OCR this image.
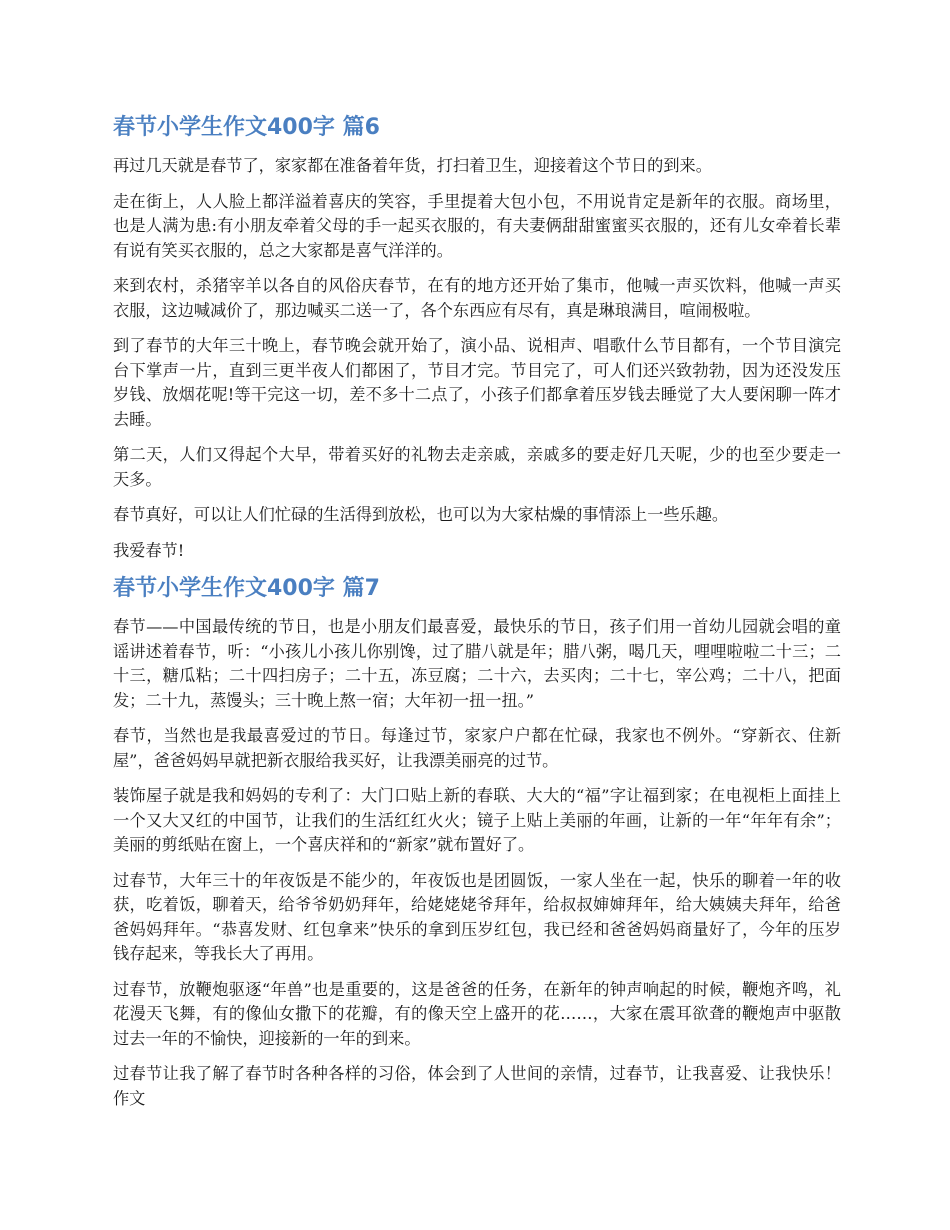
春节小学生作文400字 篇6

再过几天就是春节了，家家都在准备着年货，打扫着卫生，迎接着这个节日的到来。

走在街上，人人脸上都洋溢着喜庆的笑容，手里提着大包小包，不用说肯定是新年的衣服。商场里，也是人满为患:有小朋友牵着父母的手一起买衣服的，有夫妻俩甜甜蜜蜜买衣服的，还有儿女牵着长辈有说有笑买衣服的，总之大家都是喜气洋洋的。

来到农村，杀猪宰羊以各自的风俗庆春节，在有的地方还开始了集市，他喊一声买饮料，他喊一声买衣服，这边喊减价了，那边喊买二送一了，各个东西应有尽有，真是琳琅满目，喧闹极啦。

到了春节的大年三十晚上，春节晚会就开始了，演小品、说相声、唱歌什么节目都有，一个节目演完台下掌声一片，直到三更半夜人们都困了，节目才完。节目完了，可人们还兴致勃勃，因为还没发压岁钱、放烟花呢!等干完这一切，差不多十二点了，小孩子们都拿着压岁钱去睡觉了大人要闲聊一阵才去睡。

第二天，人们又得起个大早，带着买好的礼物去走亲戚，亲戚多的要走好几天呢，少的也至少要走一天多。

春节真好，可以让人们忙碌的生活得到放松，也可以为大家枯燥的事情添上一些乐趣。

我爱春节!

春节小学生作文400字 篇7

春节——中国最传统的节日，也是小朋友们最喜爱，最快乐的节日，孩子们用一首幼儿园就会唱的童谣讲述着春节，听：“小孩儿小孩儿你别馋，过了腊八就是年；腊八粥，喝几天，哩哩啦啦二十三；二十三，糖瓜粘；二十四扫房子；二十五，冻豆腐；二十六，去买肉；二十七，宰公鸡；二十八，把面发；二十九，蒸馒头；三十晚上熬一宿；大年初一扭一扭。”

春节，当然也是我最喜爱过的节日。每逢过节，家家户户都在忙碌，我家也不例外。“穿新衣、住新屋”，爸爸妈妈早就把新衣服给我买好，让我漂美丽亮的过节。

装饰屋子就是我和妈妈的专利了：大门口贴上新的春联、大大的“福”字让福到家；在电视柜上面挂上一个又大又红的中国节，让我们的生活红红火火；镜子上贴上美丽的年画，让新的一年“年年有余”；美丽的剪纸贴在窗上，一个喜庆祥和的“新家”就布置好了。

过春节，大年三十的年夜饭是不能少的，年夜饭也是团圆饭，一家人坐在一起，快乐的聊着一年的收获，吃着饭，聊着天，给爷爷奶奶拜年，给姥姥姥爷拜年，给叔叔婶婶拜年，给大姨姨夫拜年，给爸爸妈妈拜年。“恭喜发财、红包拿来”快乐的拿到压岁红包，我已经和爸爸妈妈商量好了，今年的压岁钱存起来，等我长大了再用。

过春节，放鞭炮驱逐“年兽”也是重要的，这是爸爸的任务，在新年的钟声响起的时候，鞭炮齐鸣，礼花漫天飞舞，有的像仙女撒下的花瓣，有的像天空上盛开的花……，大家在震耳欲聋的鞭炮声中驱散过去一年的不愉快，迎接新的一年的到来。

过春节让我了解了春节时各种各样的习俗，体会到了人世间的亲情，过春节，让我喜爱、让我快乐！作文
